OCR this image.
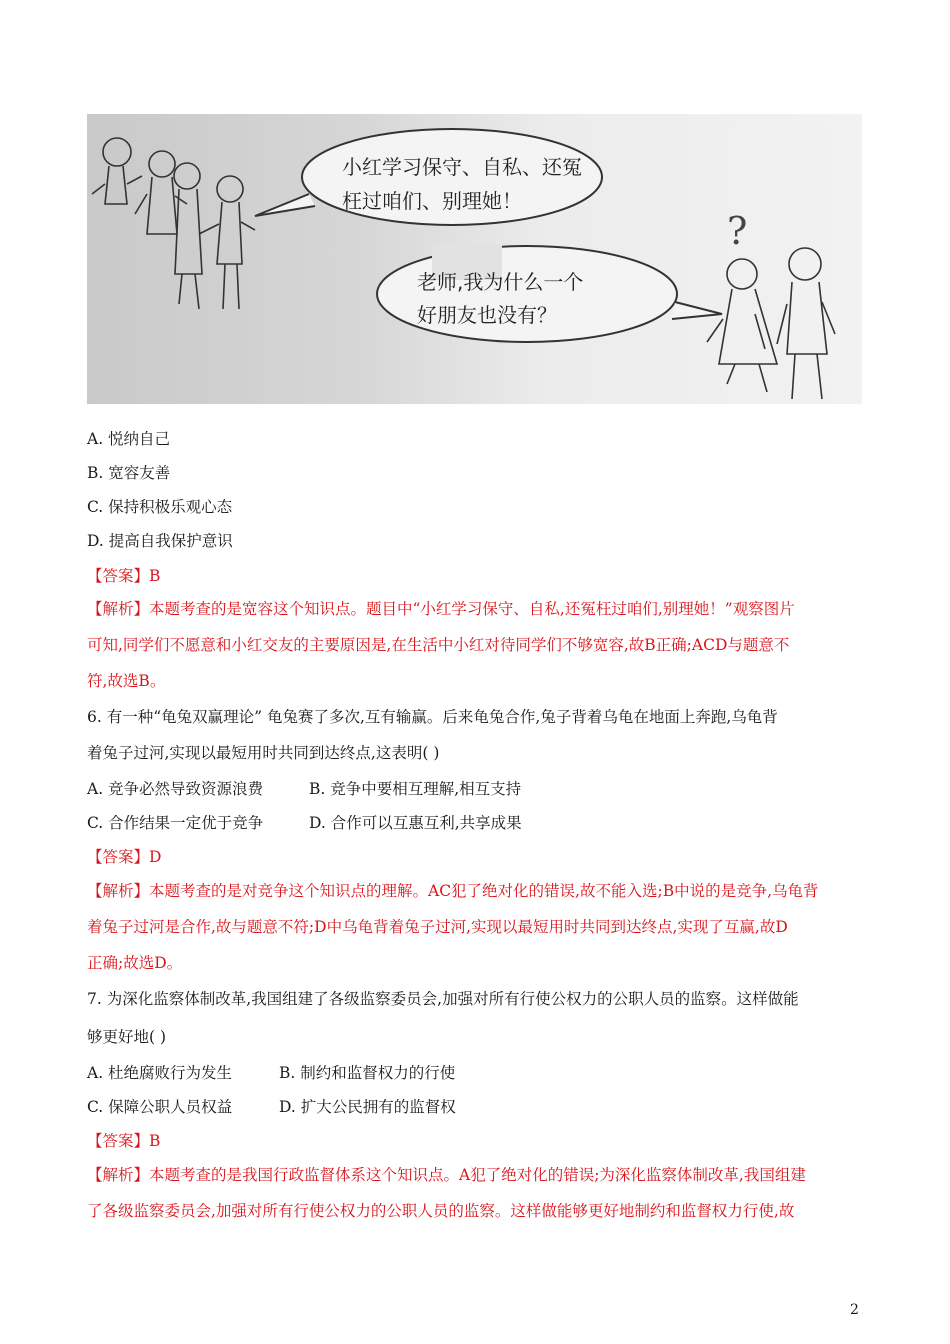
小红学习保守、自私、还冤
枉过咱们、别理她！
老师,我为什么一个
好朋友也没有？
?
A. 悦纳自己
B. 宽容友善
C. 保持积极乐观心态
D. 提高自我保护意识
【答案】B
【解析】本题考查的是宽容这个知识点。题目中“小红学习保守、自私,还冤枉过咱们,别理她！”观察图片
可知,同学们不愿意和小红交友的主要原因是,在生活中小红对待同学们不够宽容,故B正确;ACD与题意不
符,故选B。
6. 有一种“龟兔双赢理论” 龟兔赛了多次,互有输赢。后来龟兔合作,兔子背着乌龟在地面上奔跑,乌龟背
着兔子过河,实现以最短用时共同到达终点,这表明( )
A. 竞争必然导致资源浪费	B. 竞争中要相互理解,相互支持
C. 合作结果一定优于竞争	D. 合作可以互惠互利,共享成果
【答案】D
【解析】本题考查的是对竞争这个知识点的理解。AC犯了绝对化的错误,故不能入选;B中说的是竞争,乌龟背
着兔子过河是合作,故与题意不符;D中乌龟背着兔子过河,实现以最短用时共同到达终点,实现了互赢,故D
正确;故选D。
7. 为深化监察体制改革,我国组建了各级监察委员会,加强对所有行使公权力的公职人员的监察。这样做能
够更好地( )
A. 杜绝腐败行为发生	B. 制约和监督权力的行使
C. 保障公职人员权益	D. 扩大公民拥有的监督权
【答案】B
【解析】本题考查的是我国行政监督体系这个知识点。A犯了绝对化的错误;为深化监察体制改革,我国组建
了各级监察委员会,加强对所有行使公权力的公职人员的监察。这样做能够更好地制约和监督权力行使,故
2
